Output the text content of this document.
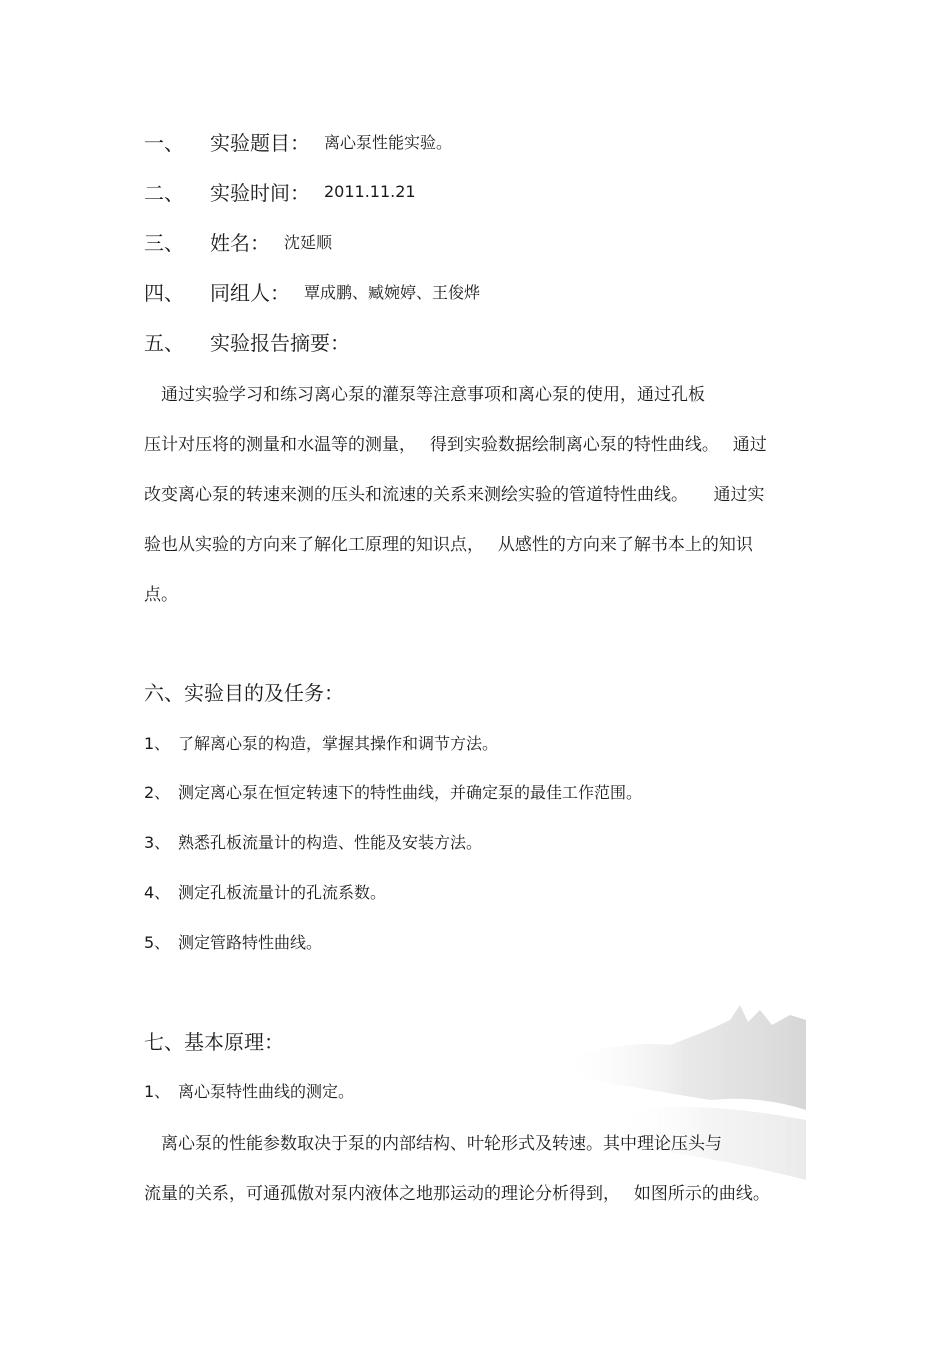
一、	实验题目： 离心泵性能实验。
二、	实验时间： 2011.11.21
三、	姓名： 沈延顺
四、	同组人： 覃成鹏、臧婉婷、王俊烨
五、	实验报告摘要：
　通过实验学习和练习离心泵的灌泵等注意事项和离心泵的使用，通过孔板
压计对压将的测量和水温等的测量，　 得到实验数据绘制离心泵的特性曲线。　 通过
改变离心泵的转速来测的压头和流速的关系来测绘实验的管道特性曲线。　　通过实
验也从实验的方向来了解化工原理的知识点，　 从感性的方向来了解书本上的知识
点。
六、实验目的及任务：
1、 了解离心泵的构造，掌握其操作和调节方法。
2、 测定离心泵在恒定转速下的特性曲线，并确定泵的最佳工作范围。
3、 熟悉孔板流量计的构造、性能及安装方法。
4、 测定孔板流量计的孔流系数。
5、 测定管路特性曲线。
七、基本原理：
1、 离心泵特性曲线的测定。
　离心泵的性能参数取决于泵的内部结构、叶轮形式及转速。其中理论压头与
流量的关系，可通孤傲对泵内液体之地那运动的理论分析得到，　 如图所示的曲线。
